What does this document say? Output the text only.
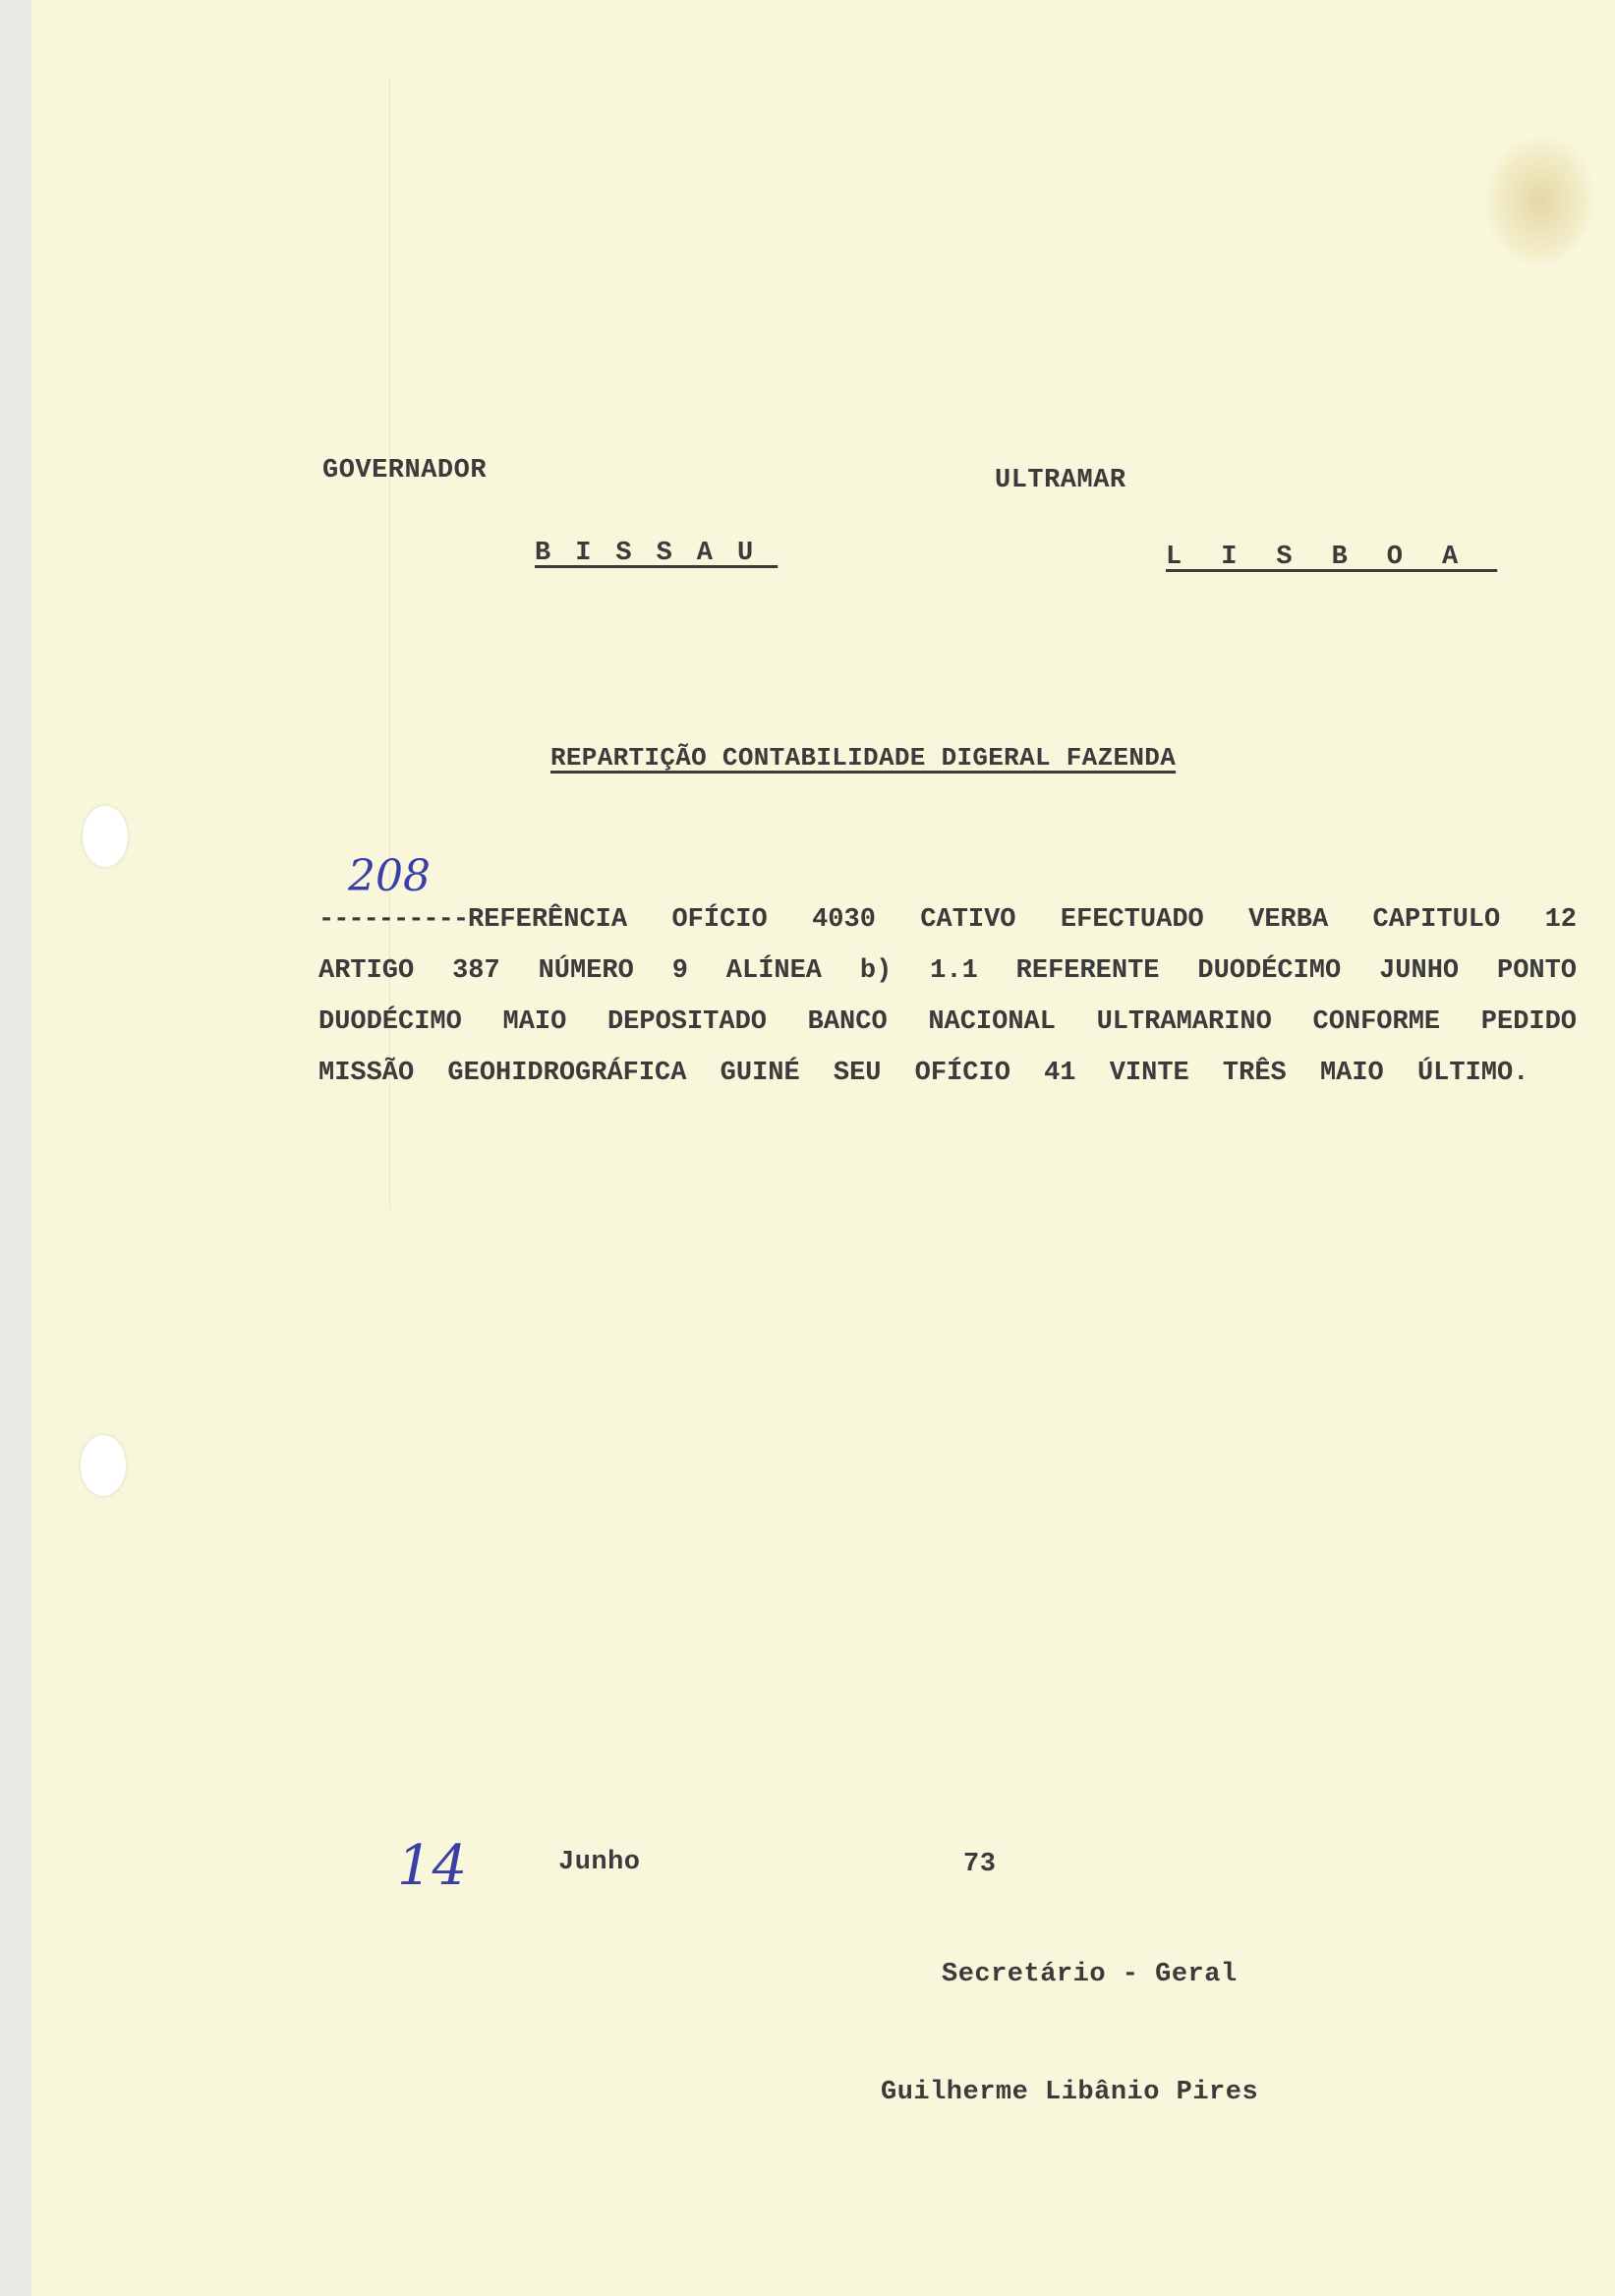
GOVERNADOR	ULTRAMAR
BISSAU	LISBOA
REPARTIÇÃO CONTABILIDADE DIGERAL FAZENDA
208
----------REFERÊNCIA OFÍCIO 4030 CATIVO EFECTUADO VERBA CAPITULO 12 ARTIGO 387 NÚMERO 9 ALÍNEA b) 1.1 REFERENTE DUODÉCIMO JUNHO PONTO DUODÉCIMO MAIO DEPOSITADO BANCO NACIONAL ULTRAMARINO CONFORME PEDIDO MISSÃO GEOHIDROGRÁFICA GUINÉ SEU OFÍCIO 41 VINTE TRÊS MAIO ÚLTIMO.
14	Junho	73
Secretário - Geral
Guilherme Libânio Pires
